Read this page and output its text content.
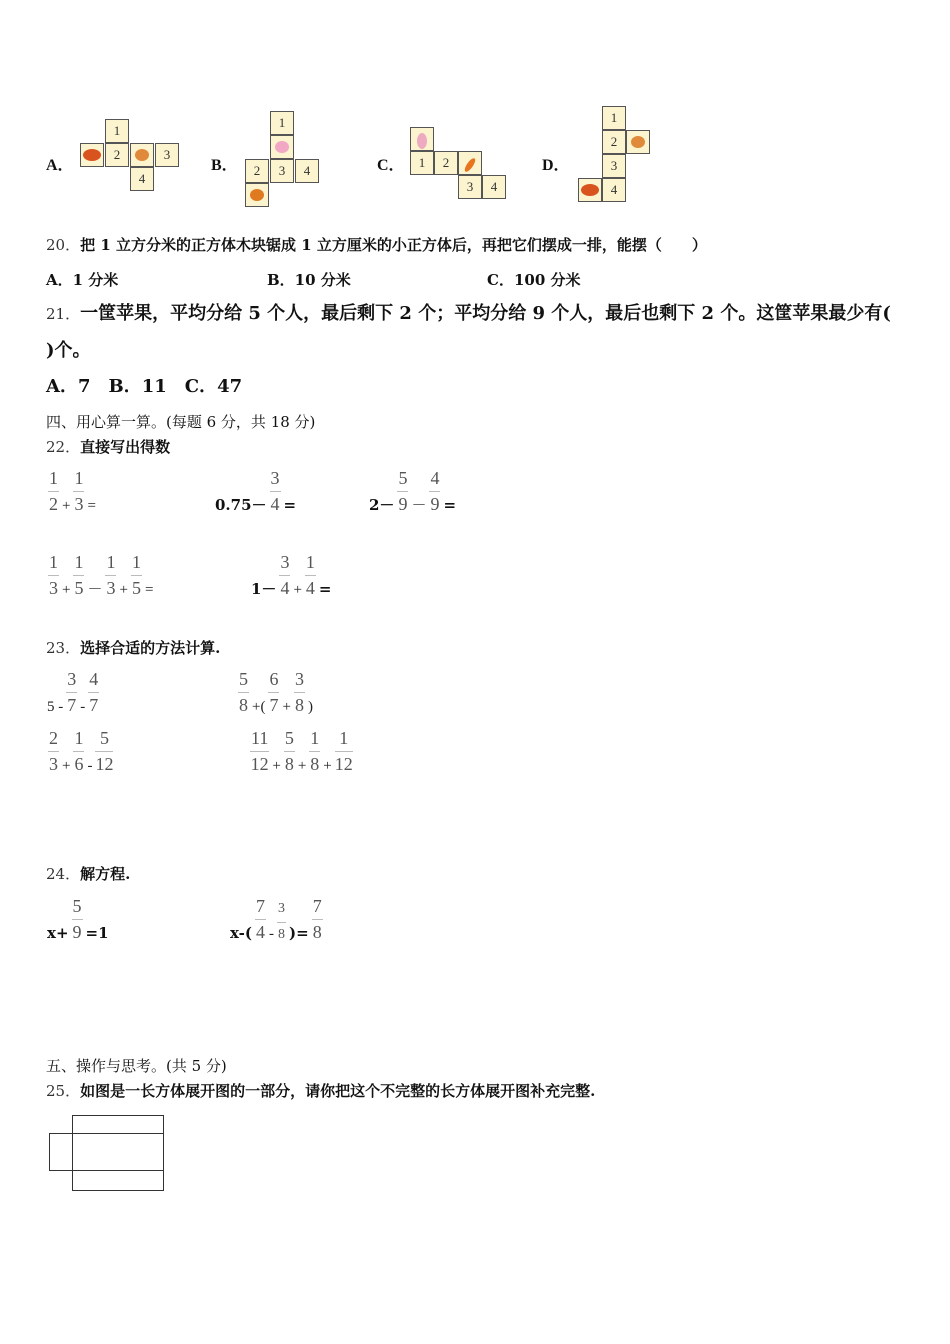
A．
1
2	3
4
B．
1
2	3	4	C．	1	2
3	4
D．
1
2
3
4
20．把 1 立方分米的正方体木块锯成 1 立方厘米的小正方体后，再把它们摆成一排，能摆（　　）
A．1 分米	B．10 分米	C．100 分米
21．一筐苹果，平均分给 5 个人，最后剩下 2 个；平均分给 9 个人，最后也剩下 2 个。这筐苹果最少有(
)个。
A．7　B．11　C．47
四、用心算一算。(每题 6 分，共 18 分)
22．直接写出得数
$\frac{1}{2} + \frac{1}{3}$ =	$0.75- \frac{3}{4}$ =	$2- \frac{5}{9} - \frac{4}{9}$ =
$\frac{1}{3} + \frac{1}{5} - \frac{1}{3} + \frac{1}{5}$ =	$1- \frac{3}{4} + \frac{1}{4}$ =
23．选择合适的方法计算.
$5 - \frac{3}{7} - \frac{4}{7}$	$\frac{5}{8}$ +( $\frac{6}{7} + \frac{3}{8}$ )
$\frac{2}{3} + \frac{1}{6} - \frac{5}{12}$	$\frac{11}{12} + \frac{5}{8} + \frac{1}{8} + \frac{1}{12}$
24．解方程.
$x+ \frac{5}{9} =1$	$x-( \frac{7}{4} - \frac{3}{8}$ )= $\frac{7}{8}$
五、操作与思考。(共 5 分)
25．如图是一长方体展开图的一部分，请你把这个不完整的长方体展开图补充完整.
